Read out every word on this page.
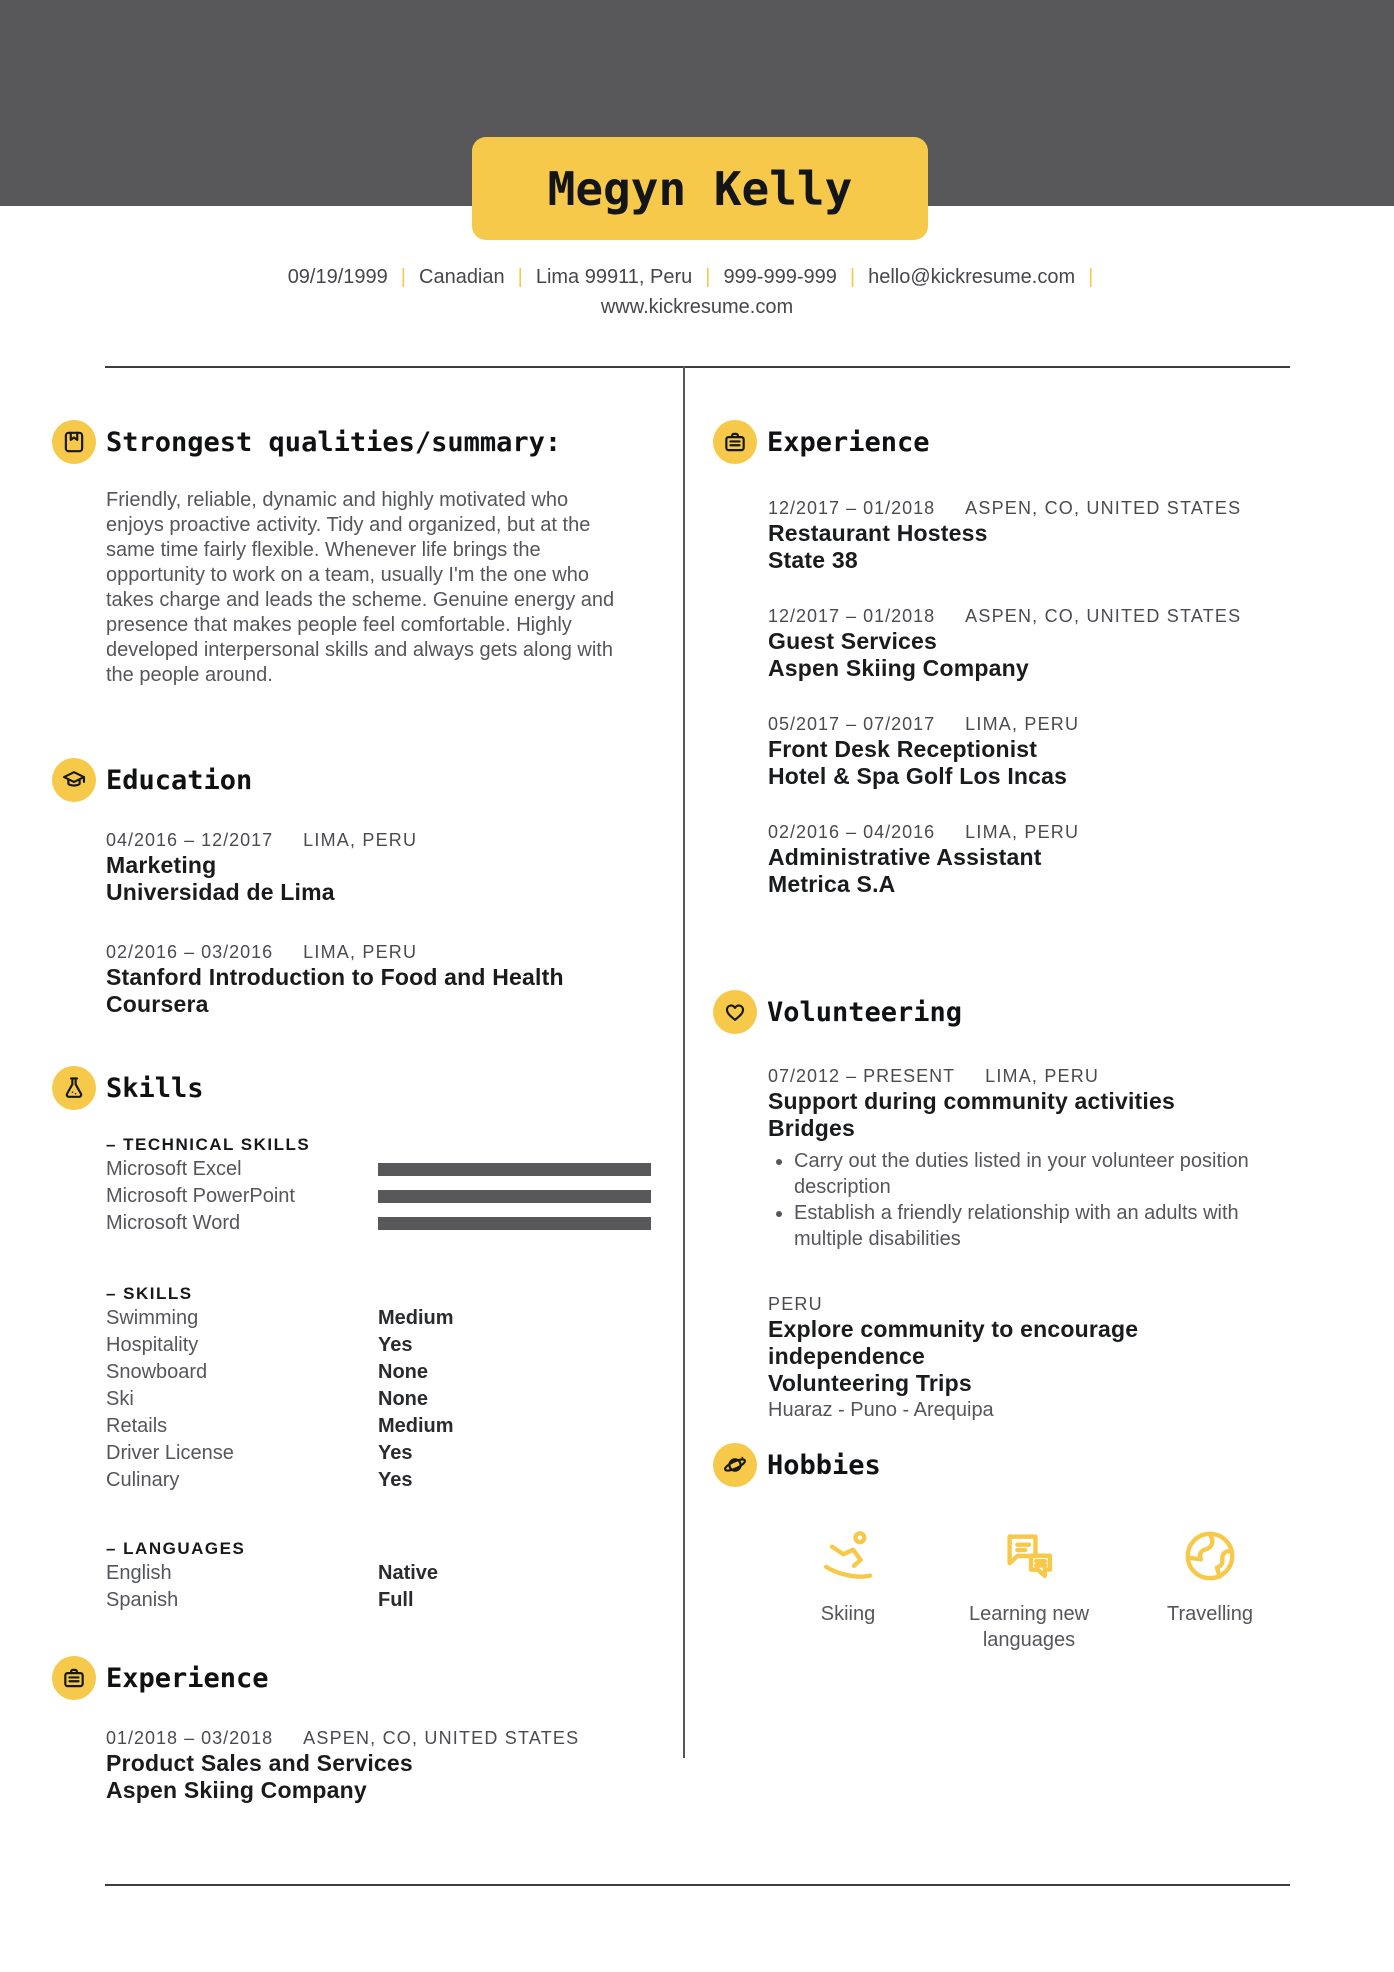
Megyn Kelly
09/19/1999 | Canadian | Lima 99911, Peru | 999-999-999 | hello@kickresume.com |
www.kickresume.com
Strongest qualities/summary:

Friendly, reliable, dynamic and highly motivated who enjoys proactive activity. Tidy and organized, but at the same time fairly flexible. Whenever life brings the opportunity to work on a team, usually I'm the one who takes charge and leads the scheme. Genuine energy and presence that makes people feel comfortable. Highly developed interpersonal skills and always gets along with the people around.

Education
04/2016 – 12/2017 LIMA, PERU
Marketing
Universidad de Lima
02/2016 – 03/2016 LIMA, PERU
Stanford Introduction to Food and Health
Coursera
Skills
– TECHNICAL SKILLS
Microsoft Excel
Microsoft PowerPoint
Microsoft Word
– SKILLS
Swimming	Medium
Hospitality	Yes
Snowboard	None
Ski	None
Retails	Medium
Driver License	Yes
Culinary	Yes
– LANGUAGES
English	Native
Spanish	Full
Experience
01/2018 – 03/2018 ASPEN, CO, UNITED STATES
Product Sales and Services
Aspen Skiing Company
Experience
12/2017 – 01/2018 ASPEN, CO, UNITED STATES
Restaurant Hostess
State 38
12/2017 – 01/2018 ASPEN, CO, UNITED STATES
Guest Services
Aspen Skiing Company
05/2017 – 07/2017 LIMA, PERU
Front Desk Receptionist
Hotel & Spa Golf Los Incas
02/2016 – 04/2016 LIMA, PERU
Administrative Assistant
Metrica S.A
Volunteering
07/2012 – PRESENT LIMA, PERU
Support during community activities
Bridges
• Carry out the duties listed in your volunteer position description
• Establish a friendly relationship with an adults with multiple disabilities
PERU
Explore community to encourage independence
Volunteering Trips
Huaraz - Puno - Arequipa
Hobbies
Skiing	Learning new languages
Travelling
